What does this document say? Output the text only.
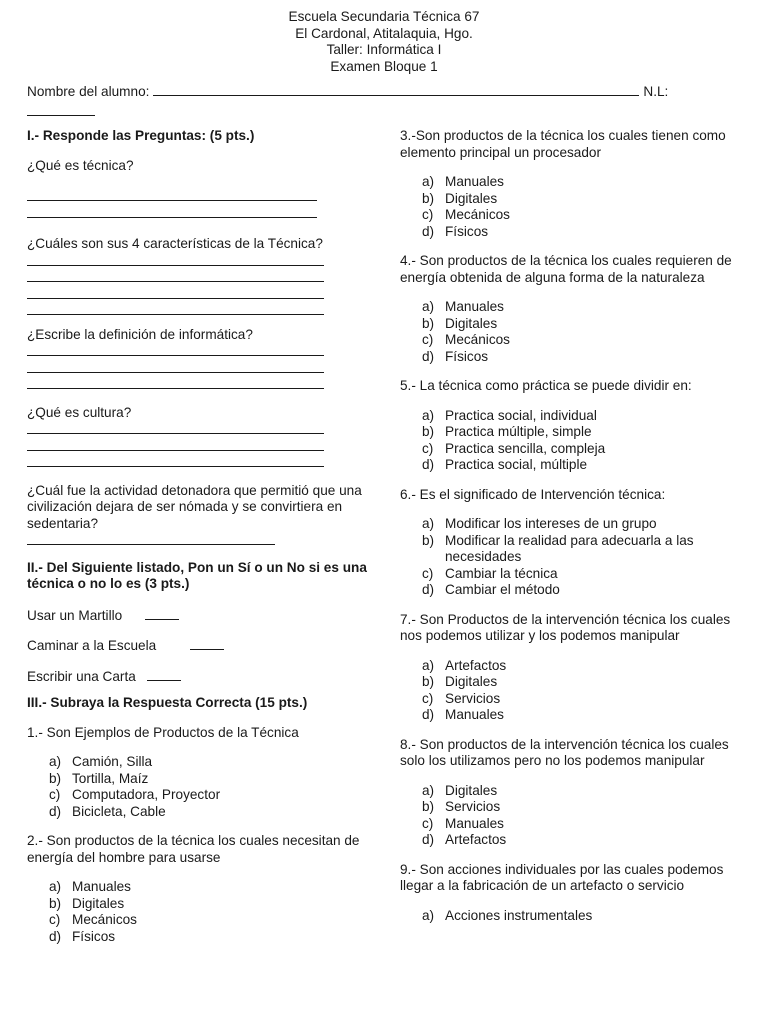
Escuela Secundaria Técnica 67
El Cardonal, Atitalaquia, Hgo.
Taller: Informática I
Examen Bloque 1
Nombre del alumno:	N.L:

I.- Responde las Preguntas: (5 pts.)

¿Qué es técnica?

¿Cuáles son sus 4 características de la Técnica?

¿Escribe la definición de informática?

¿Qué es cultura?

¿Cuál fue la actividad detonadora que permitió que una civilización dejara de ser nómada y se convirtiera en sedentaria?

II.- Del Siguiente listado, Pon un Sí o un No si es una técnica o no lo es (3 pts.)

Usar un Martillo
Caminar a la Escuela
Escribir una Carta

III.- Subraya la Respuesta Correcta (15 pts.)

1.- Son Ejemplos de Productos de la Técnica

a) Camión, Silla
b) Tortilla, Maíz
c) Computadora, Proyector
d) Bicicleta, Cable

2.- Son productos de la técnica los cuales necesitan de energía del hombre para usarse

a) Manuales
b) Digitales
c) Mecánicos
d) Físicos

3.-Son productos de la técnica los cuales tienen como elemento principal un procesador

a) Manuales
b) Digitales
c) Mecánicos
d) Físicos

4.- Son productos de la técnica los cuales requieren de energía obtenida de alguna forma de la naturaleza

a) Manuales
b) Digitales
c) Mecánicos
d) Físicos

5.- La técnica como práctica se puede dividir en:

a) Practica social, individual
b) Practica múltiple, simple
c) Practica sencilla, compleja
d) Practica social, múltiple

6.- Es el significado de Intervención técnica:

a) Modificar los intereses de un grupo
b) Modificar la realidad para adecuarla a las necesidades
c) Cambiar la técnica
d) Cambiar el método

7.- Son Productos de la intervención técnica los cuales nos podemos utilizar y los podemos manipular

a) Artefactos
b) Digitales
c) Servicios
d) Manuales

8.- Son productos de la intervención técnica los cuales solo los utilizamos pero no los podemos manipular

a) Digitales
b) Servicios
c) Manuales
d) Artefactos

9.- Son acciones individuales por las cuales podemos llegar a la fabricación de un artefacto o servicio

a) Acciones instrumentales
